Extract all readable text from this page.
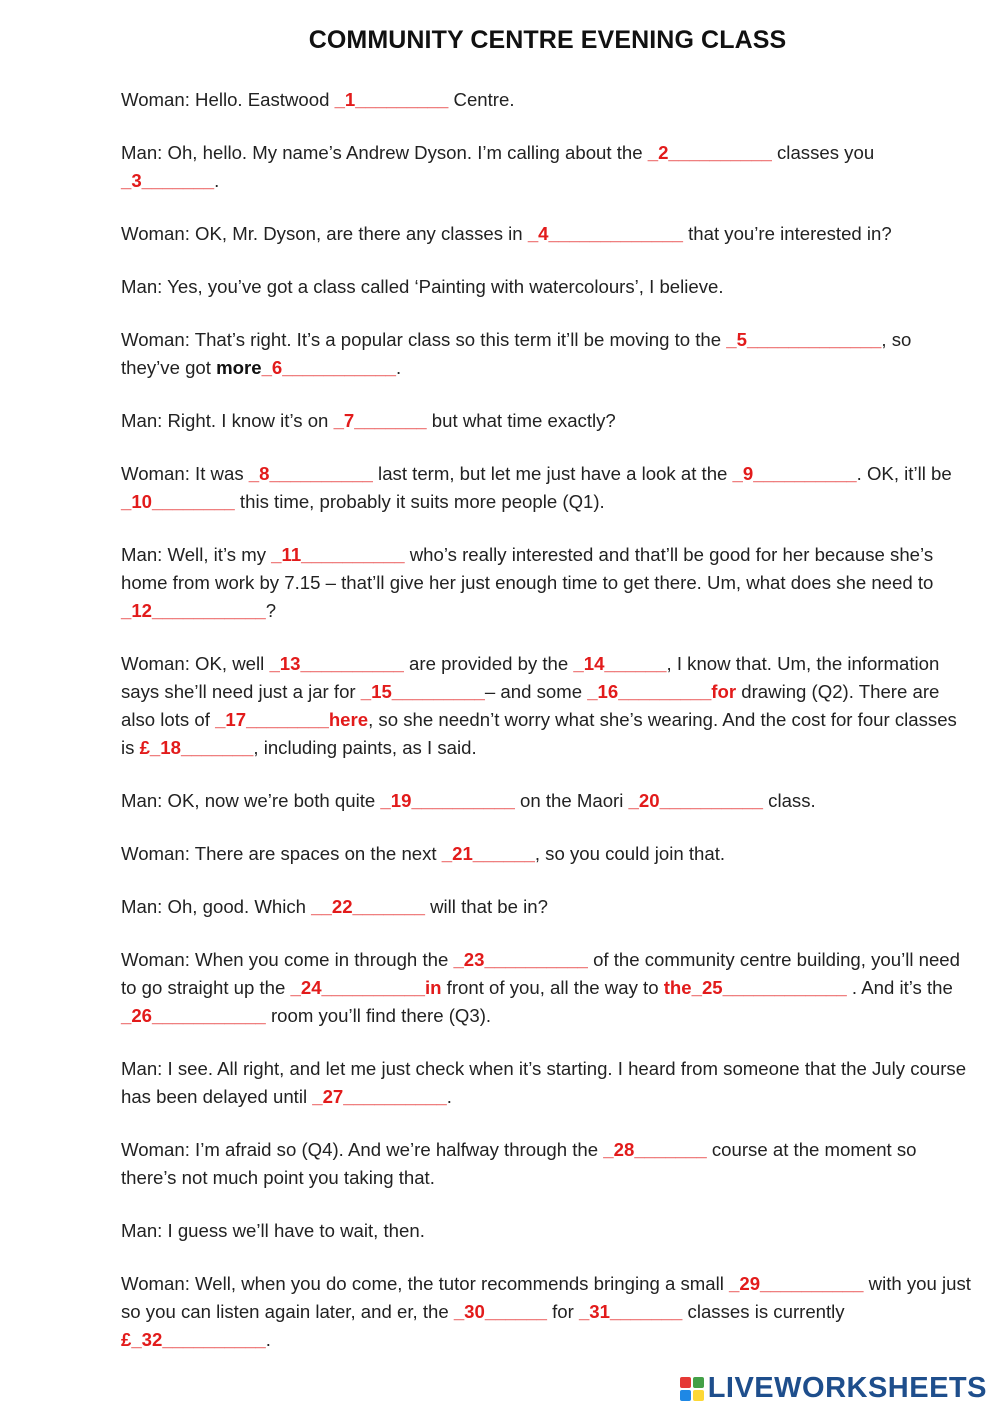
COMMUNITY CENTRE EVENING CLASS

Woman: Hello. Eastwood _1_________ Centre.

Man: Oh, hello. My name’s Andrew Dyson. I’m calling about the _2__________ classes you _3_______.

Woman: OK, Mr. Dyson, are there any classes in _4_____________ that you’re interested in?

Man: Yes, you’ve got a class called ‘Painting with watercolours’, I believe.

Woman: That’s right. It’s a popular class so this term it’ll be moving to the _5_____________, so they’ve got more_6___________.

Man: Right. I know it’s on _7_______ but what time exactly?

Woman: It was _8__________ last term, but let me just have a look at the _9__________. OK, it’ll be _10________ this time, probably it suits more people (Q1).

Man: Well, it’s my _11__________ who’s really interested and that’ll be good for her because she’s home from work by 7.15 – that’ll give her just enough time to get there. Um, what does she need to _12___________?

Woman: OK, well _13__________ are provided by the _14______, I know that. Um, the information says she’ll need just a jar for _15_________– and some _16_________for drawing (Q2). There are also lots of _17________here, so she needn’t worry what she’s wearing. And the cost for four classes is £_18_______, including paints, as I said.

Man: OK, now we’re both quite _19__________ on the Maori _20__________ class.

Woman: There are spaces on the next _21______, so you could join that.

Man: Oh, good. Which __22_______ will that be in?

Woman: When you come in through the _23__________ of the community centre building, you’ll need to go straight up the _24__________in front of you, all the way to the_25____________ . And it’s the _26___________ room you’ll find there (Q3).

Man: I see. All right, and let me just check when it’s starting. I heard from someone that the July course has been delayed until _27__________.

Woman: I’m afraid so (Q4). And we’re halfway through the _28_______ course at the moment so there’s not much point you taking that.

Man: I guess we’ll have to wait, then.

Woman: Well, when you do come, the tutor recommends bringing a small _29__________ with you just so you can listen again later, and er, the _30______ for _31_______ classes is currently £_32__________.

LIVEWORKSHEETS
